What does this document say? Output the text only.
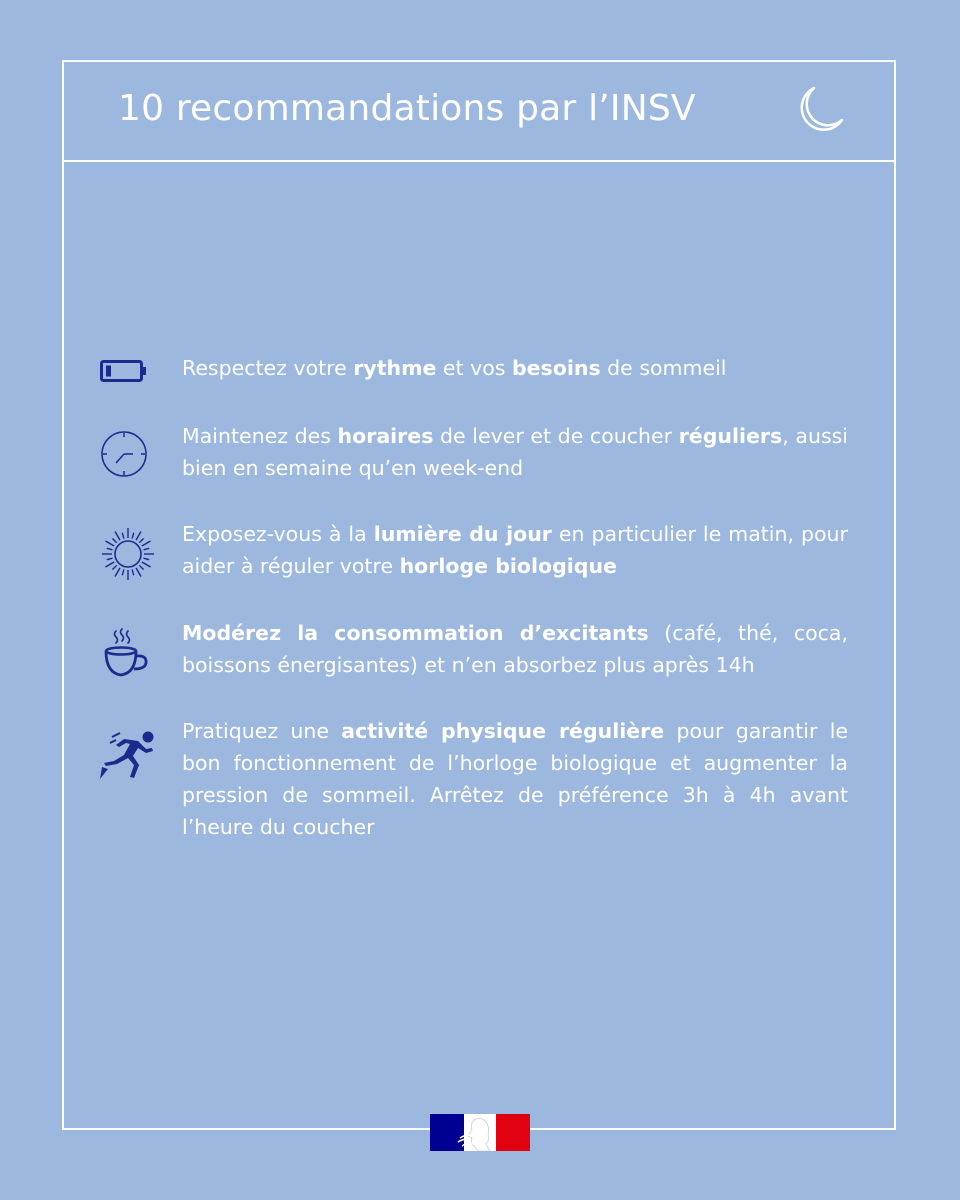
10 recommandations par l’INSV
Respectez votre rythme et vos besoins de sommeil
Maintenez des horaires de lever et de coucher réguliers, aussi bien en semaine qu’en week-end
Exposez-vous à la lumière du jour en particulier le matin, pour aider à réguler votre horloge biologique
Modérez la consommation d’excitants (café, thé, coca, boissons énergisantes) et n’en absorbez plus après 14h
Pratiquez une activité physique régulière pour garantir le bon fonctionnement de l’horloge biologique et augmenter la pression de sommeil. Arrêtez de préférence 3h à 4h avant l’heure du coucher
